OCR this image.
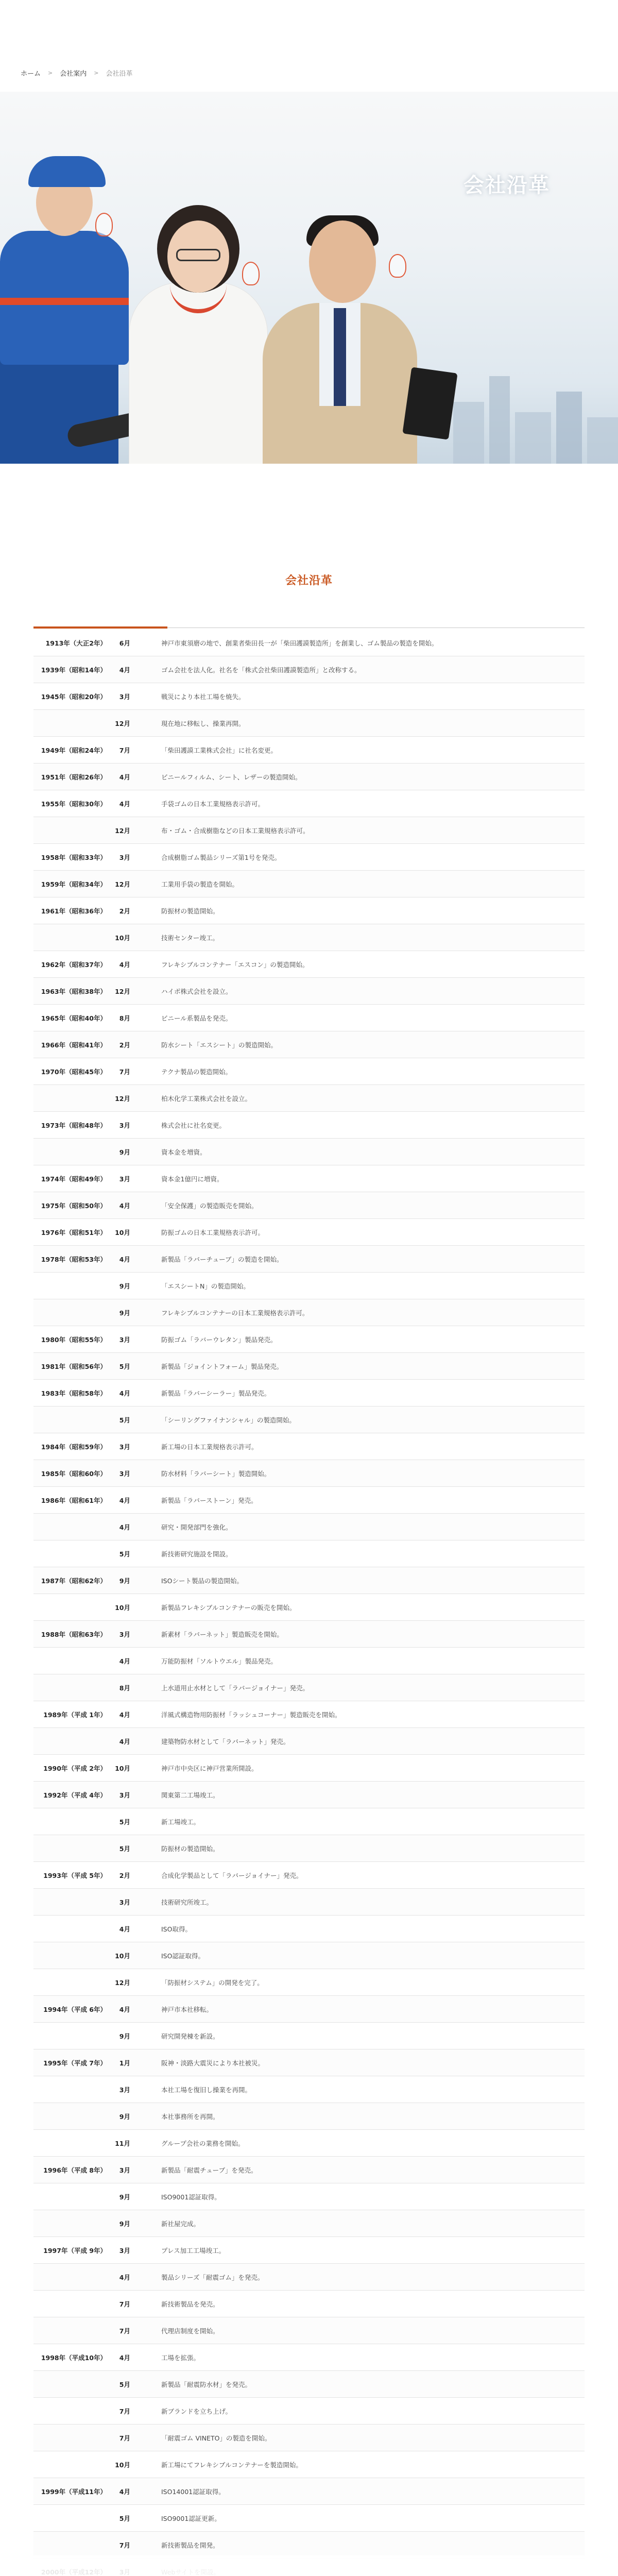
ホーム > 会社案内 > 会社沿革
会社沿革
会社沿革
1913年（大正2年）	6月	神戸市東須磨の地で、創業者柴田長一が「柴田護謨製造所」を創業し、ゴム製品の製造を開始。
1939年（昭和14年）	4月	ゴム会社を法人化。社名を「株式会社柴田護謨製造所」と改称する。
1945年（昭和20年）	3月	戦災により本社工場を焼失。
12月	現在地に移転し、操業再開。
1949年（昭和24年）	7月	「柴田護謨工業株式会社」に社名変更。
1951年（昭和26年）	4月	ビニールフィルム、シート、レザーの製造開始。
1955年（昭和30年）	4月	手袋ゴムの日本工業規格表示許可。
12月	布・ゴム・合成樹脂などの日本工業規格表示許可。
1958年（昭和33年）	3月	合成樹脂ゴム製品シリーズ第1号を発売。
1959年（昭和34年）	12月	工業用手袋の製造を開始。
1961年（昭和36年）	2月	防振材の製造開始。
10月	技術センター竣工。
1962年（昭和37年）	4月	フレキシブルコンテナー「エスコン」の製造開始。
1963年（昭和38年）	12月	ハイポ株式会社を設立。
1965年（昭和40年）	8月	ビニール系製品を発売。
1966年（昭和41年）	2月	防水シート「エスシート」の製造開始。
1970年（昭和45年）	7月	テクナ製品の製造開始。
12月	柏木化学工業株式会社を設立。
1973年（昭和48年）	3月	株式会社に社名変更。
9月	資本金を増資。
1974年（昭和49年）	3月	資本金1億円に増資。
1975年（昭和50年）	4月	「安全保護」の製造販売を開始。
1976年（昭和51年）	10月	防振ゴムの日本工業規格表示許可。
1978年（昭和53年）	4月	新製品「ラバーチューブ」の製造を開始。
9月	「エスシートN」の製造開始。
9月	フレキシブルコンテナーの日本工業規格表示許可。
1980年（昭和55年）	3月	防振ゴム「ラバーウレタン」製品発売。
1981年（昭和56年）	5月	新製品「ジョイントフォーム」製品発売。
1983年（昭和58年）	4月	新製品「ラバーシーラー」製品発売。
5月	「シーリングファイナンシャル」の製造開始。
1984年（昭和59年）	3月	新工場の日本工業規格表示許可。
1985年（昭和60年）	3月	防水材料「ラバーシート」製造開始。
1986年（昭和61年）	4月	新製品「ラバーストーン」発売。
4月	研究・開発部門を強化。
5月	新技術研究施設を開設。
1987年（昭和62年）	9月	ISOシート製品の製造開始。
10月	新製品フレキシブルコンテナーの販売を開始。
1988年（昭和63年）	3月	新素材「ラバーネット」製造販売を開始。
4月	万能防振材「ソルトウエル」製品発売。
8月	上水道用止水材として「ラバージョイナー」発売。
1989年（平成 1年）	4月	洋風式構造物用防振材「ラッシュコーナー」製造販売を開始。
4月	建築物防水材として「ラバーネット」発売。
1990年（平成 2年）	10月	神戸市中央区に神戸営業所開設。
1992年（平成 4年）	3月	関東第二工場竣工。
5月	新工場竣工。
5月	防振材の製造開始。
1993年（平成 5年）	2月	合成化学製品として「ラバージョイナー」発売。
3月	技術研究所竣工。
4月	ISO取得。
10月	ISO認証取得。
12月	「防振材システム」の開発を完了。
1994年（平成 6年）	4月	神戸市本社移転。
9月	研究開発棟を新設。
1995年（平成 7年）	1月	阪神・淡路大震災により本社被災。
3月	本社工場を復旧し操業を再開。
9月	本社事務所を再開。
11月	グループ会社の業務を開始。
1996年（平成 8年）	3月	新製品「耐震チューブ」を発売。
9月	ISO9001認証取得。
9月	新社屋完成。
1997年（平成 9年）	3月	プレス加工工場竣工。
4月	製品シリーズ「耐震ゴム」を発売。
7月	新技術製品を発売。
7月	代理店制度を開始。
1998年（平成10年）	4月	工場を拡張。
5月	新製品「耐震防水材」を発売。
7月	新ブランドを立ち上げ。
7月	「耐震ゴム VINETO」の製造を開始。
10月	新工場にてフレキシブルコンテナーを製造開始。
1999年（平成11年）	4月	ISO14001認証取得。
5月	ISO9001認証更新。
7月	新技術製品を開発。
